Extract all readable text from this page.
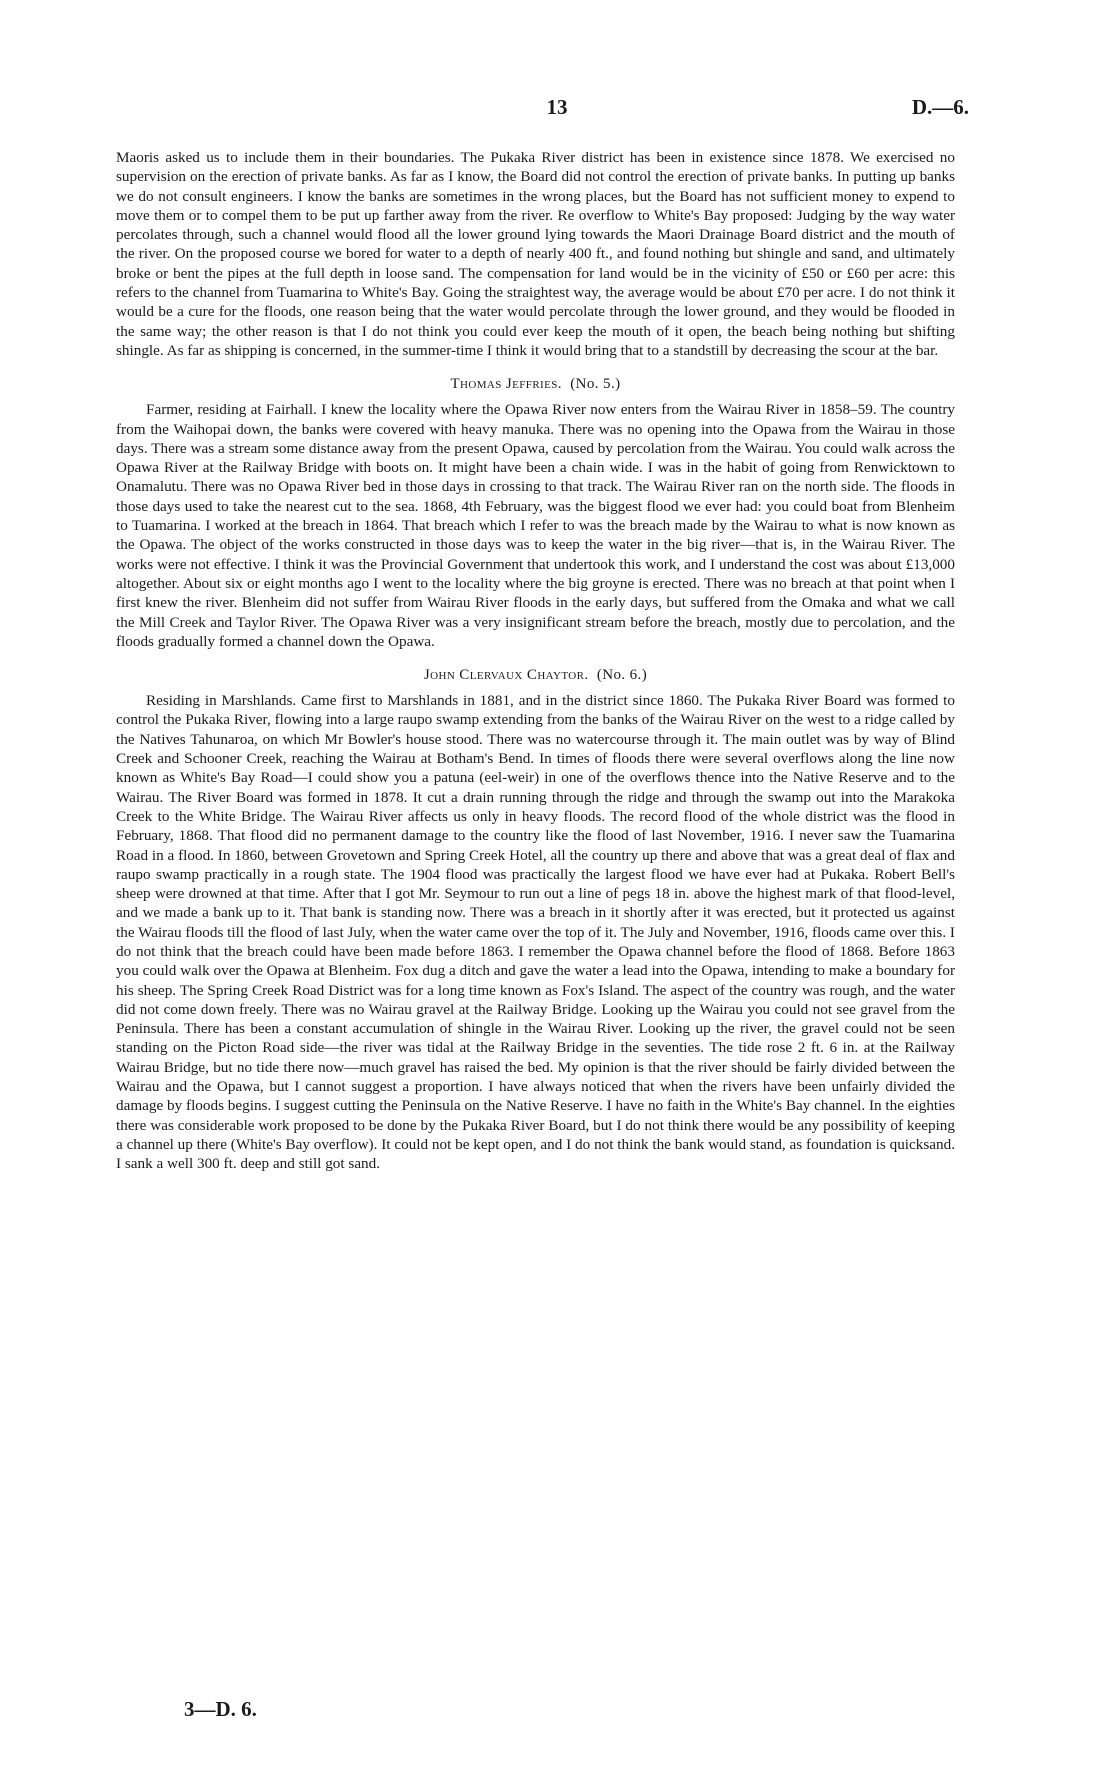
13	D.—6.

Maoris asked us to include them in their boundaries. The Pukaka River district has been in existence since 1878. We exercised no supervision on the erection of private banks. As far as I know, the Board did not control the erection of private banks. In putting up banks we do not consult engineers. I know the banks are sometimes in the wrong places, but the Board has not sufficient money to expend to move them or to compel them to be put up farther away from the river. Re overflow to White's Bay proposed: Judging by the way water percolates through, such a channel would flood all the lower ground lying towards the Maori Drainage Board district and the mouth of the river. On the proposed course we bored for water to a depth of nearly 400 ft., and found nothing but shingle and sand, and ultimately broke or bent the pipes at the full depth in loose sand. The compensation for land would be in the vicinity of £50 or £60 per acre: this refers to the channel from Tuamarina to White's Bay. Going the straightest way, the average would be about £70 per acre. I do not think it would be a cure for the floods, one reason being that the water would percolate through the lower ground, and they would be flooded in the same way; the other reason is that I do not think you could ever keep the mouth of it open, the beach being nothing but shifting shingle. As far as shipping is concerned, in the summer-time I think it would bring that to a standstill by decreasing the scour at the bar.

Thomas Jeffries. (No. 5.)

Farmer, residing at Fairhall. I knew the locality where the Opawa River now enters from the Wairau River in 1858–59. The country from the Waihopai down, the banks were covered with heavy manuka. There was no opening into the Opawa from the Wairau in those days. There was a stream some distance away from the present Opawa, caused by percolation from the Wairau. You could walk across the Opawa River at the Railway Bridge with boots on. It might have been a chain wide. I was in the habit of going from Renwicktown to Onamalutu. There was no Opawa River bed in those days in crossing to that track. The Wairau River ran on the north side. The floods in those days used to take the nearest cut to the sea. 1868, 4th February, was the biggest flood we ever had: you could boat from Blenheim to Tuamarina. I worked at the breach in 1864. That breach which I refer to was the breach made by the Wairau to what is now known as the Opawa. The object of the works constructed in those days was to keep the water in the big river—that is, in the Wairau River. The works were not effective. I think it was the Provincial Government that undertook this work, and I understand the cost was about £13,000 altogether. About six or eight months ago I went to the locality where the big groyne is erected. There was no breach at that point when I first knew the river. Blenheim did not suffer from Wairau River floods in the early days, but suffered from the Omaka and what we call the Mill Creek and Taylor River. The Opawa River was a very insignificant stream before the breach, mostly due to percolation, and the floods gradually formed a channel down the Opawa.

John Clervaux Chaytor. (No. 6.)

Residing in Marshlands. Came first to Marshlands in 1881, and in the district since 1860. The Pukaka River Board was formed to control the Pukaka River, flowing into a large raupo swamp extending from the banks of the Wairau River on the west to a ridge called by the Natives Tahunaroa, on which Mr Bowler's house stood. There was no watercourse through it. The main outlet was by way of Blind Creek and Schooner Creek, reaching the Wairau at Botham's Bend. In times of floods there were several overflows along the line now known as White's Bay Road—I could show you a patuna (eel-weir) in one of the overflows thence into the Native Reserve and to the Wairau. The River Board was formed in 1878. It cut a drain running through the ridge and through the swamp out into the Marakoka Creek to the White Bridge. The Wairau River affects us only in heavy floods. The record flood of the whole district was the flood in February, 1868. That flood did no permanent damage to the country like the flood of last November, 1916. I never saw the Tuamarina Road in a flood. In 1860, between Grovetown and Spring Creek Hotel, all the country up there and above that was a great deal of flax and raupo swamp practically in a rough state. The 1904 flood was practically the largest flood we have ever had at Pukaka. Robert Bell's sheep were drowned at that time. After that I got Mr. Seymour to run out a line of pegs 18 in. above the highest mark of that flood-level, and we made a bank up to it. That bank is standing now. There was a breach in it shortly after it was erected, but it protected us against the Wairau floods till the flood of last July, when the water came over the top of it. The July and November, 1916, floods came over this. I do not think that the breach could have been made before 1863. I remember the Opawa channel before the flood of 1868. Before 1863 you could walk over the Opawa at Blenheim. Fox dug a ditch and gave the water a lead into the Opawa, intending to make a boundary for his sheep. The Spring Creek Road District was for a long time known as Fox's Island. The aspect of the country was rough, and the water did not come down freely. There was no Wairau gravel at the Railway Bridge. Looking up the Wairau you could not see gravel from the Peninsula. There has been a constant accumulation of shingle in the Wairau River. Looking up the river, the gravel could not be seen standing on the Picton Road side—the river was tidal at the Railway Bridge in the seventies. The tide rose 2 ft. 6 in. at the Railway Wairau Bridge, but no tide there now—much gravel has raised the bed. My opinion is that the river should be fairly divided between the Wairau and the Opawa, but I cannot suggest a proportion. I have always noticed that when the rivers have been unfairly divided the damage by floods begins. I suggest cutting the Peninsula on the Native Reserve. I have no faith in the White's Bay channel. In the eighties there was considerable work proposed to be done by the Pukaka River Board, but I do not think there would be any possibility of keeping a channel up there (White's Bay overflow). It could not be kept open, and I do not think the bank would stand, as foundation is quicksand. I sank a well 300 ft. deep and still got sand.

3—D. 6.
